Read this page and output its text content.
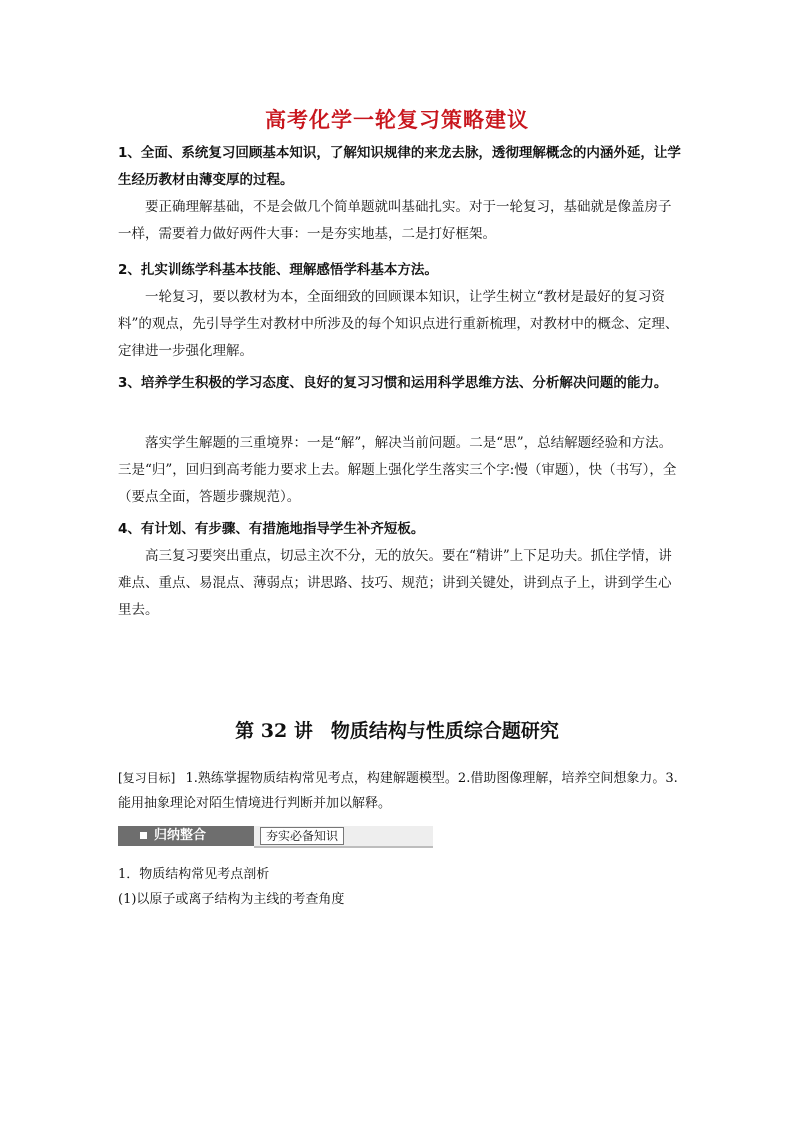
高考化学一轮复习策略建议
1、全面、系统复习回顾基本知识，了解知识规律的来龙去脉，透彻理解概念的内涵外延，让学生经历教材由薄变厚的过程。
要正确理解基础，不是会做几个简单题就叫基础扎实。对于一轮复习，基础就是像盖房子一样，需要着力做好两件大事：一是夯实地基，二是打好框架。
2、扎实训练学科基本技能、理解感悟学科基本方法。
一轮复习，要以教材为本，全面细致的回顾课本知识，让学生树立“教材是最好的复习资料”的观点，先引导学生对教材中所涉及的每个知识点进行重新梳理，对教材中的概念、定理、定律进一步强化理解。
3、培养学生积极的学习态度、良好的复习习惯和运用科学思维方法、分析解决问题的能力。
落实学生解题的三重境界：一是“解”，解决当前问题。二是“思”，总结解题经验和方法。三是“归”，回归到高考能力要求上去。解题上强化学生落实三个字:慢（审题），快（书写），全（要点全面，答题步骤规范）。
4、有计划、有步骤、有措施地指导学生补齐短板。
高三复习要突出重点，切忌主次不分，无的放矢。要在“精讲”上下足功夫。抓住学情，讲难点、重点、易混点、薄弱点；讲思路、技巧、规范；讲到关键处，讲到点子上，讲到学生心里去。
第 32 讲 物质结构与性质综合题研究
[复习目标] 1.熟练掌握物质结构常见考点，构建解题模型。2.借助图像理解，培养空间想象力。3.能用抽象理论对陌生情境进行判断并加以解释。
归纳整合	夯实必备知识
1．物质结构常见考点剖析
(1)以原子或离子结构为主线的考查角度
